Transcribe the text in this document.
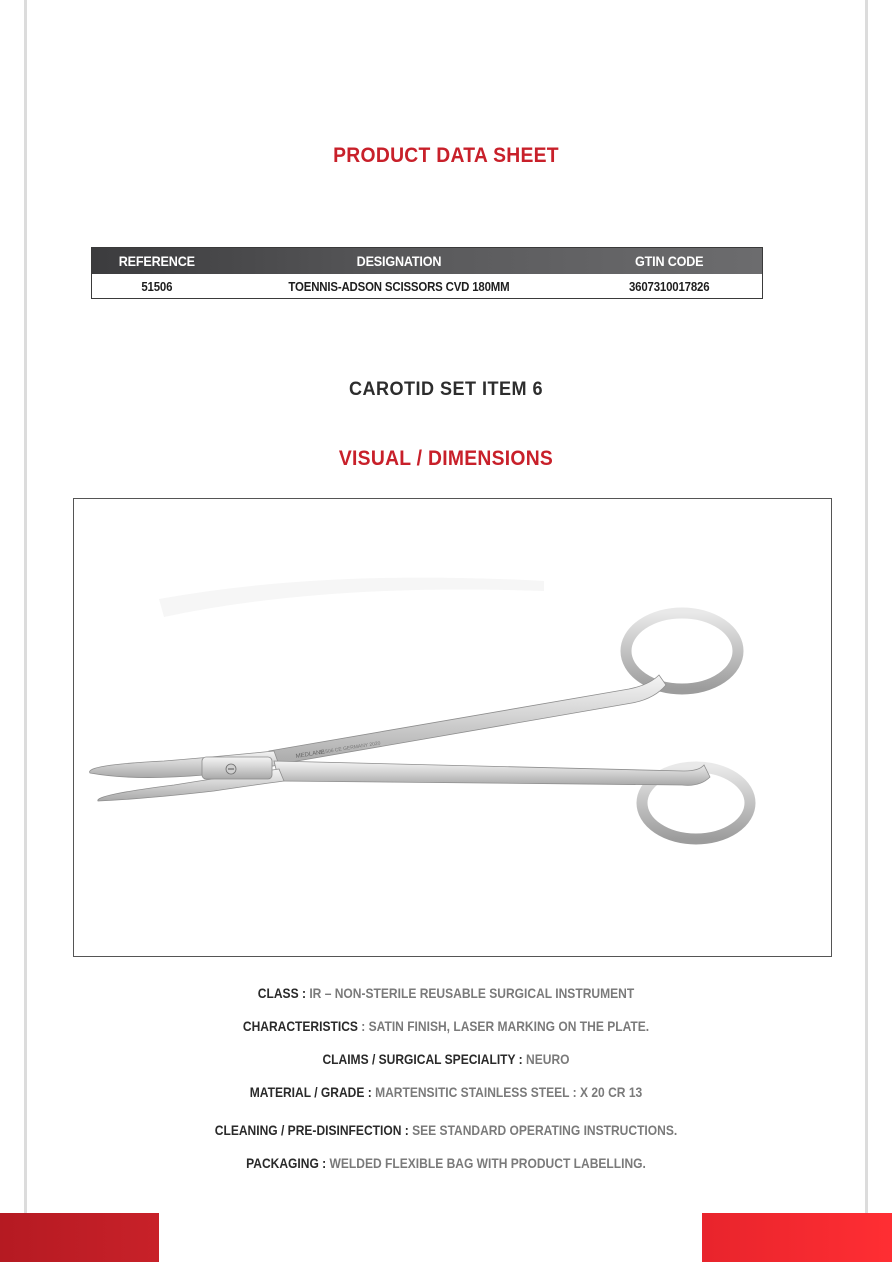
PRODUCT DATA SHEET
REFERENCE	DESIGNATION	GTIN CODE
51506	TOENNIS-ADSON SCISSORS CVD 180MM	3607310017826
CAROTID SET ITEM 6
VISUAL / DIMENSIONS
MEDLANE
51506 CE GERMANY 2020
CLASS : IR – NON-STERILE REUSABLE SURGICAL INSTRUMENT
CHARACTERISTICS : SATIN FINISH, LASER MARKING ON THE PLATE.
CLAIMS / SURGICAL SPECIALITY : NEURO
MATERIAL / GRADE : MARTENSITIC STAINLESS STEEL : X 20 CR 13
CLEANING / PRE-DISINFECTION : SEE STANDARD OPERATING INSTRUCTIONS.
PACKAGING : WELDED FLEXIBLE BAG WITH PRODUCT LABELLING.
